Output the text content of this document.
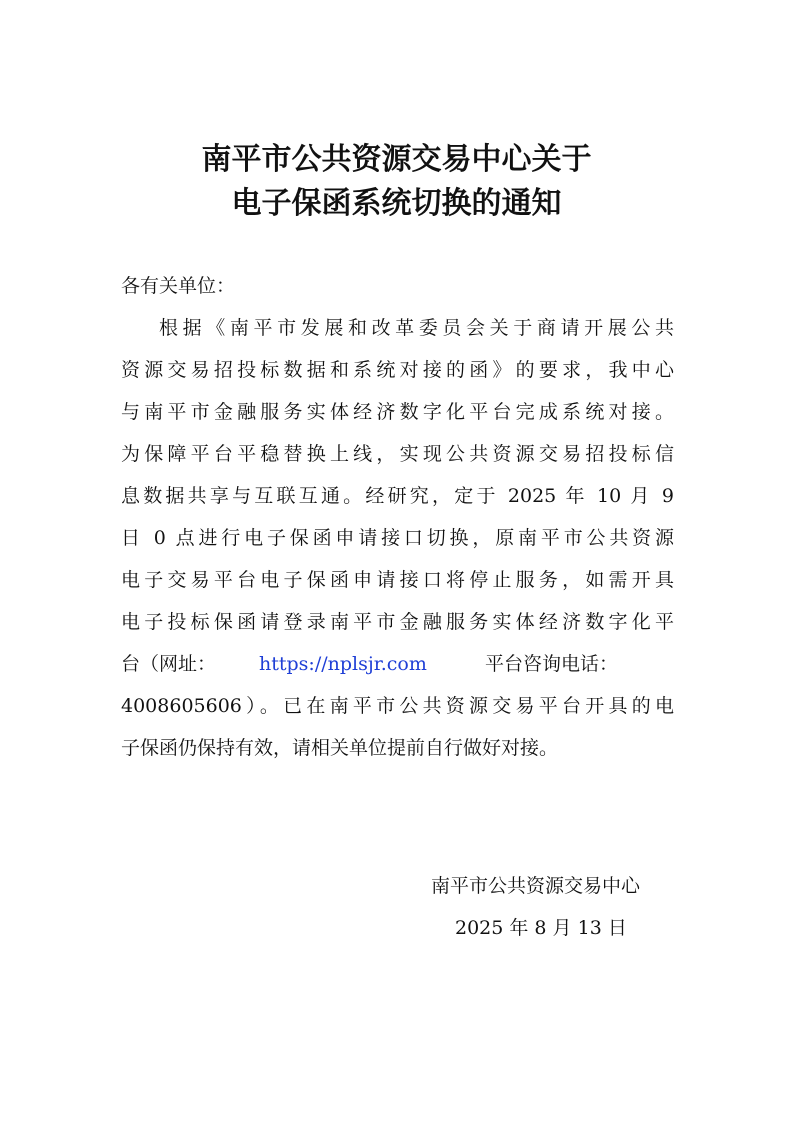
南平市公共资源交易中心关于
电子保函系统切换的通知
各有关单位：
根据《南平市发展和改革委员会关于商请开展公共
资源交易招投标数据和系统对接的函》的要求，我中心
与南平市金融服务实体经济数字化平台完成系统对接。
为保障平台平稳替换上线，实现公共资源交易招投标信
息数据共享与互联互通。经研究，定于 2025 年 10 月 9
日 0 点进行电子保函申请接口切换，原南平市公共资源
电子交易平台电子保函申请接口将停止服务，如需开具
电子投标保函请登录南平市金融服务实体经济数字化平
台（网址： https://nplsjr.com	平台咨询电话：
4008605606）。已在南平市公共资源交易平台开具的电
子保函仍保持有效，请相关单位提前自行做好对接。
南平市公共资源交易中心
2025 年 8 月 13 日
